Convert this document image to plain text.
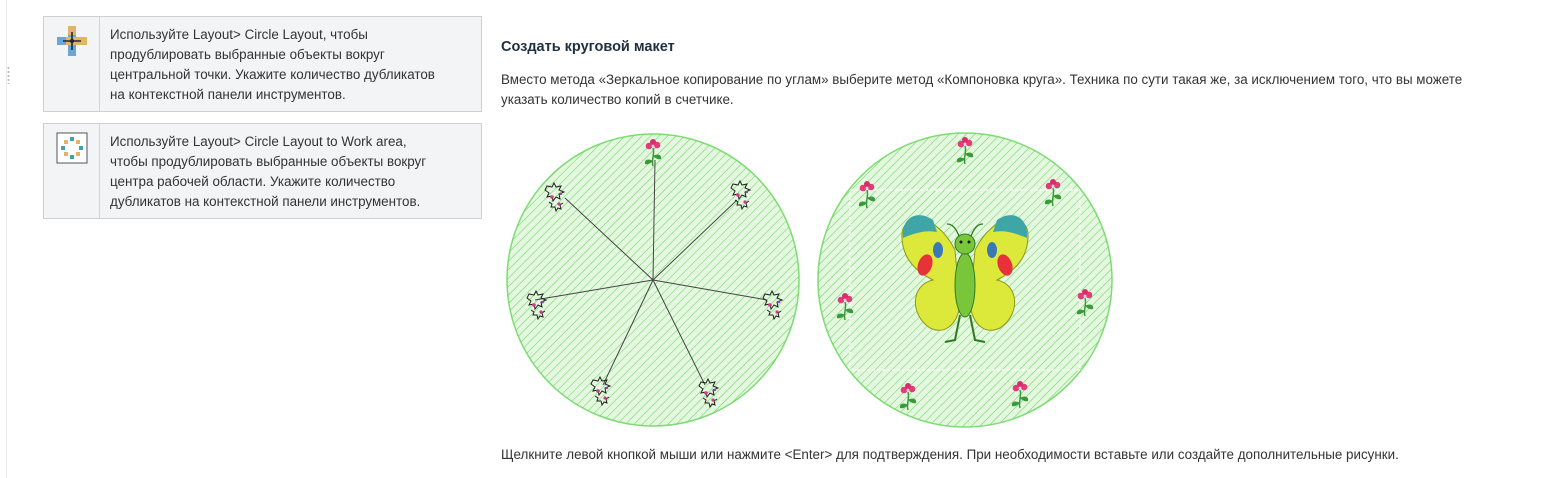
Используйте Layout> Circle Layout, чтобы
продублировать выбранные объекты вокруг
центральной точки. Укажите количество дубликатов
на контекстной панели инструментов.
Используйте Layout> Circle Layout to Work area,
чтобы продублировать выбранные объекты вокруг
центра рабочей области. Укажите количество
дубликатов на контекстной панели инструментов.
Создать круговой макет
Вместо метода «Зеркальное копирование по углам» выберите метод «Компоновка круга». Техника по сути такая же, за исключением того, что вы можете
указать количество копий в счетчике.
Щелкните левой кнопкой мыши или нажмите <Enter> для подтверждения. При необходимости вставьте или создайте дополнительные рисунки.
